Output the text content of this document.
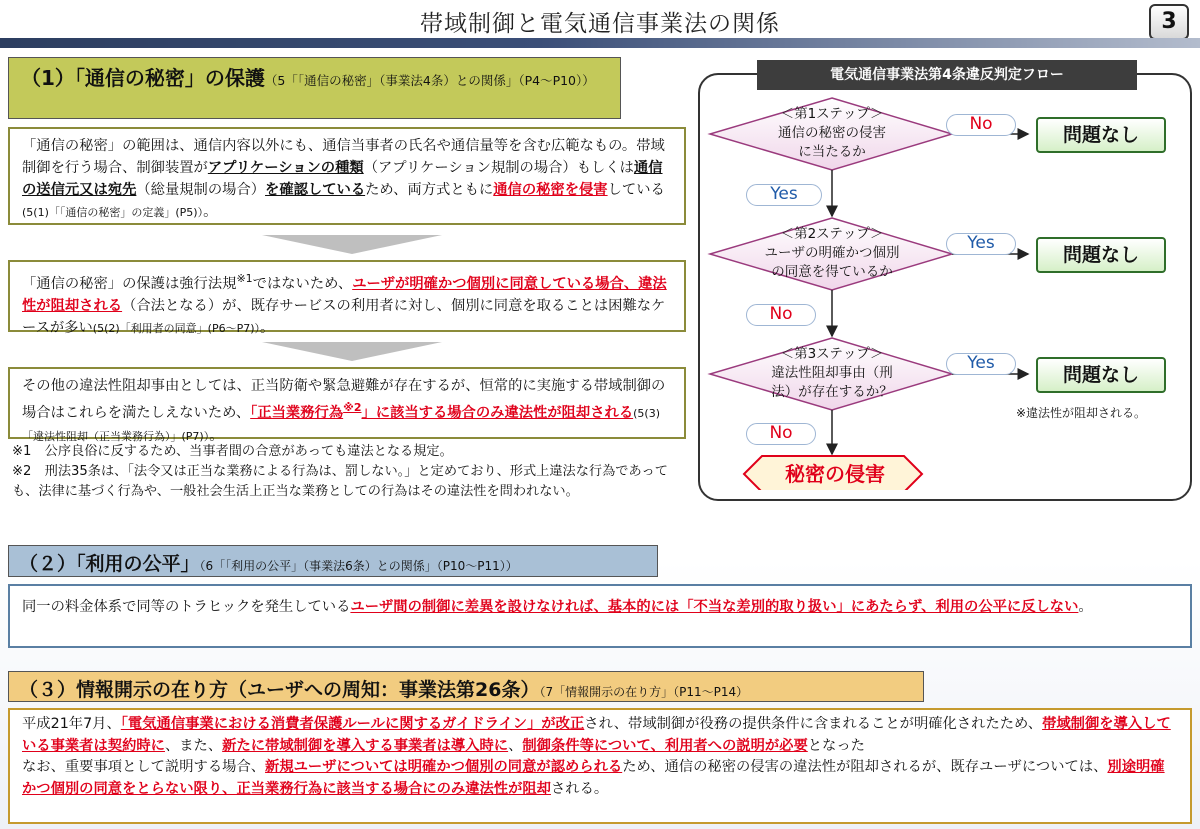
帯域制御と電気通信事業法の関係	3
（1）「通信の秘密」の保護（5「「通信の秘密」（事業法4条）との関係」（P4～P10））
「通信の秘密」の範囲は、通信内容以外にも、通信当事者の氏名や通信量等を含む広範なもの。帯域制御を行う場合、制御装置がアプリケーションの種類（アプリケーション規制の場合）もしくは通信の送信元又は宛先（総量規制の場合）を確認しているため、両方式ともに通信の秘密を侵害している(5(1)「「通信の秘密」の定義」(P5)）。
「通信の秘密」の保護は強行法規$^{※1}$ではないため、ユーザが明確かつ個別に同意している場合、違法性が阻却される（合法となる）が、既存サービスの利用者に対し、個別に同意を取ることは困難なケースが多い(5(2)「利用者の同意」(P6～P7)）。
その他の違法性阻却事由としては、正当防衛や緊急避難が存在するが、恒常的に実施する帯域制御の場合はこれらを満たしえないため、「正当業務行為$^{※2}$」に該当する場合のみ違法性が阻却される(5(3)「違法性阻却（正当業務行為）」(P7)）。
※1　公序良俗に反するため、当事者間の合意があっても違法となる規定。
※2　刑法35条は、「法令又は正当な業務による行為は、罰しない。」と定めており、形式上違法な行為であっても、法律に基づく行為や、一般社会生活上正当な業務としての行為はその違法性を問われない。
電気通信事業法第4条違反判定フロー
＜第1ステップ＞
通信の秘密の侵害
に当たるか
＜第2ステップ＞
ユーザの明確かつ個別
の同意を得ているか
＜第3ステップ＞
違法性阻却事由（刑
法）が存在するか？
No
Yes
Yes
No
Yes
No
問題なし
問題なし
問題なし
※違法性が阻却される。
秘密の侵害
（２）「利用の公平」（6「「利用の公平」（事業法6条）との関係」（P10～P11））
同一の料金体系で同等のトラヒックを発生しているユーザ間の制御に差異を設けなければ、基本的には「不当な差別的取り扱い」にあたらず、利用の公平に反しない。
（３）情報開示の在り方（ユーザへの周知：事業法第26条）（7「情報開示の在り方」（P11～P14）
平成21年7月、「電気通信事業における消費者保護ルールに関するガイドライン」が改正され、帯域制御が役務の提供条件に含まれることが明確化されたため、帯域制御を導入している事業者は契約時に、また、新たに帯域制御を導入する事業者は導入時に、制御条件等について、利用者への説明が必要となった
なお、重要事項として説明する場合、新規ユーザについては明確かつ個別の同意が認められるため、通信の秘密の侵害の違法性が阻却されるが、既存ユーザについては、別途明確かつ個別の同意をとらない限り、正当業務行為に該当する場合にのみ違法性が阻却される。
